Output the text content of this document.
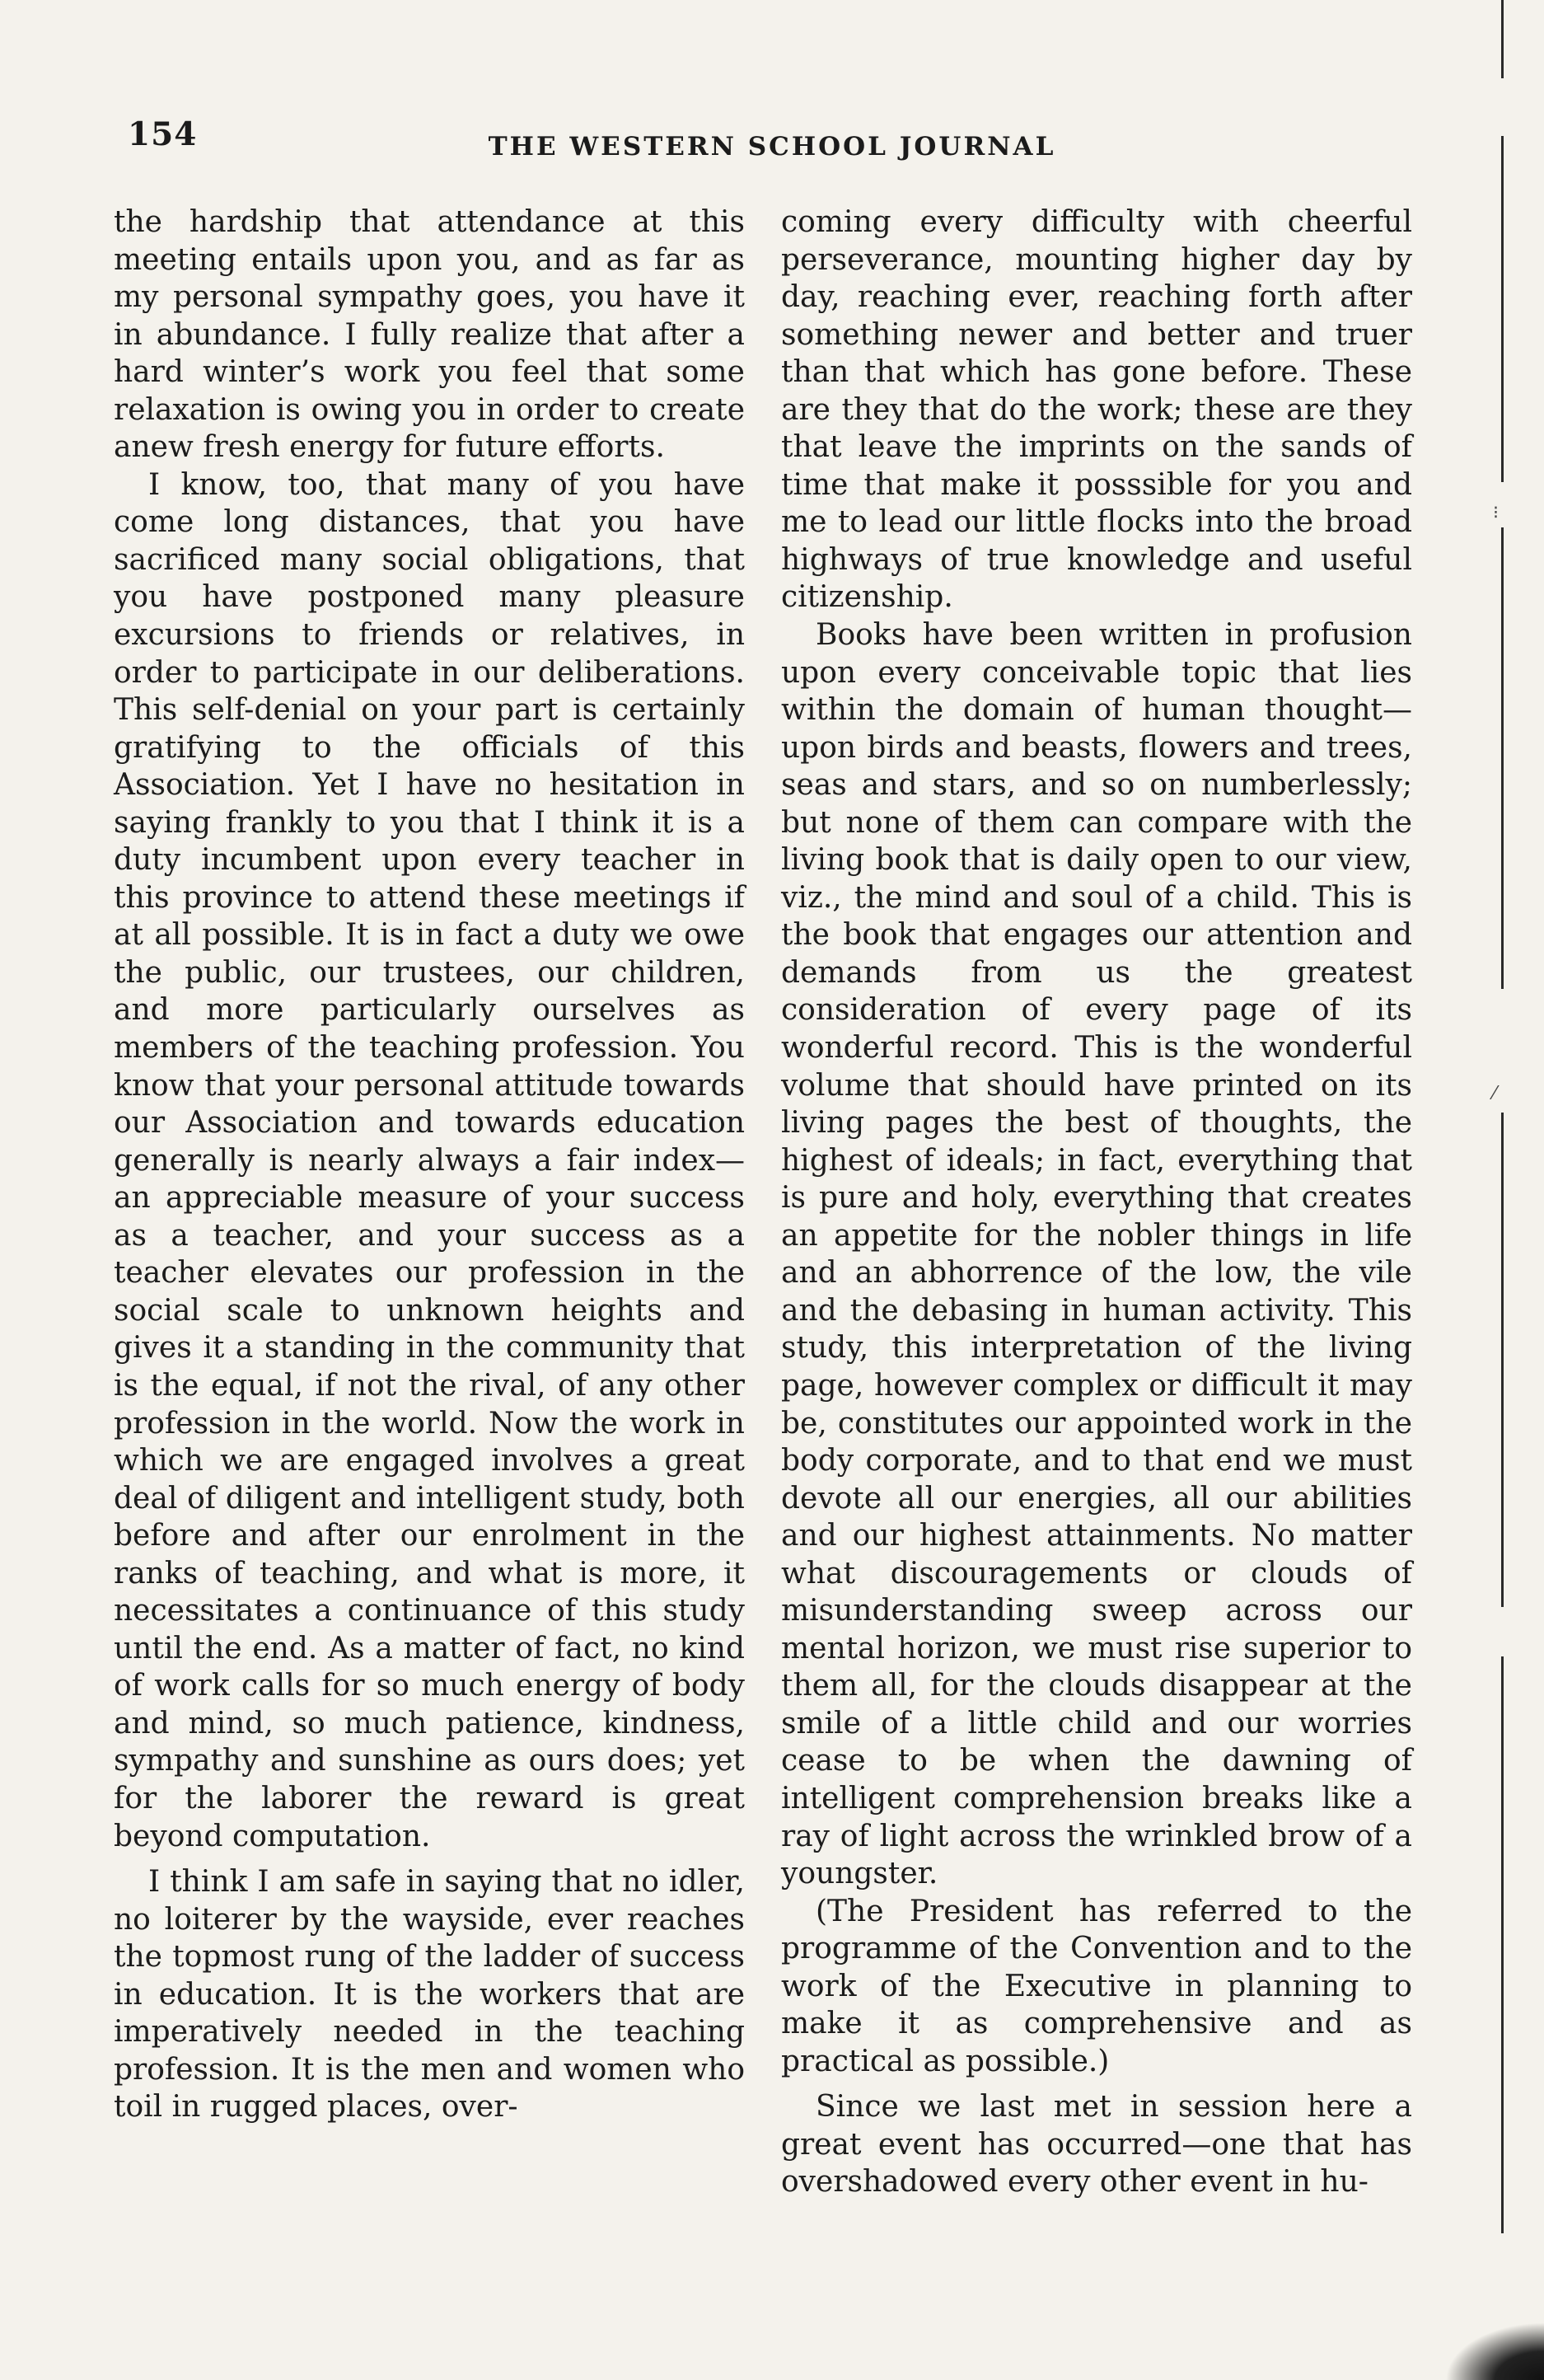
154	THE WESTERN SCHOOL JOURNAL

the hardship that attendance at this meeting entails upon you, and as far as my personal sympathy goes, you have it in abundance. I fully realize that after a hard winter’s work you feel that some relaxation is owing you in order to create anew fresh energy for future efforts.

I know, too, that many of you have come long distances, that you have sacrificed many social obligations, that you have postponed many pleasure excursions to friends or relatives, in order to participate in our deliberations. This self-denial on your part is certainly gratifying to the officials of this Association. Yet I have no hesitation in saying frankly to you that I think it is a duty incumbent upon every teacher in this province to attend these meetings if at all possible. It is in fact a duty we owe the public, our trustees, our children, and more particularly ourselves as members of the teaching profession. You know that your personal attitude towards our Association and towards education generally is nearly always a fair index—an appreciable measure of your success as a teacher, and your success as a teacher elevates our profession in the social scale to unknown heights and gives it a standing in the community that is the equal, if not the rival, of any other profession in the world. Now the work in which we are engaged involves a great deal of diligent and intelligent study, both before and after our enrolment in the ranks of teaching, and what is more, it necessitates a continuance of this study until the end. As a matter of fact, no kind of work calls for so much energy of body and mind, so much patience, kindness, sympathy and sunshine as ours does; yet for the laborer the reward is great beyond computation.

I think I am safe in saying that no idler, no loiterer by the wayside, ever reaches the topmost rung of the ladder of success in education. It is the workers that are imperatively needed in the teaching profession. It is the men and women who toil in rugged places, over-

coming every difficulty with cheerful perseverance, mounting higher day by day, reaching ever, reaching forth after something newer and better and truer than that which has gone before. These are they that do the work; these are they that leave the imprints on the sands of time that make it posssible for you and me to lead our little flocks into the broad highways of true knowledge and useful citizenship.

Books have been written in profusion upon every conceivable topic that lies within the domain of human thought—upon birds and beasts, flowers and trees, seas and stars, and so on numberlessly; but none of them can compare with the living book that is daily open to our view, viz., the mind and soul of a child. This is the book that engages our attention and demands from us the greatest consideration of every page of its wonderful record. This is the wonderful volume that should have printed on its living pages the best of thoughts, the highest of ideals; in fact, everything that is pure and holy, everything that creates an appetite for the nobler things in life and an abhorrence of the low, the vile and the debasing in human activity. This study, this interpretation of the living page, however complex or difficult it may be, constitutes our appointed work in the body corporate, and to that end we must devote all our energies, all our abilities and our highest attainments. No matter what discouragements or clouds of misunderstanding sweep across our mental horizon, we must rise superior to them all, for the clouds disappear at the smile of a little child and our worries cease to be when the dawning of intelligent comprehension breaks like a ray of light across the wrinkled brow of a youngster.

(The President has referred to the programme of the Convention and to the work of the Executive in planning to make it as comprehensive and as practical as possible.)

Since we last met in session here a great event has occurred—one that has overshadowed every other event in hu-

⁝
⁄
